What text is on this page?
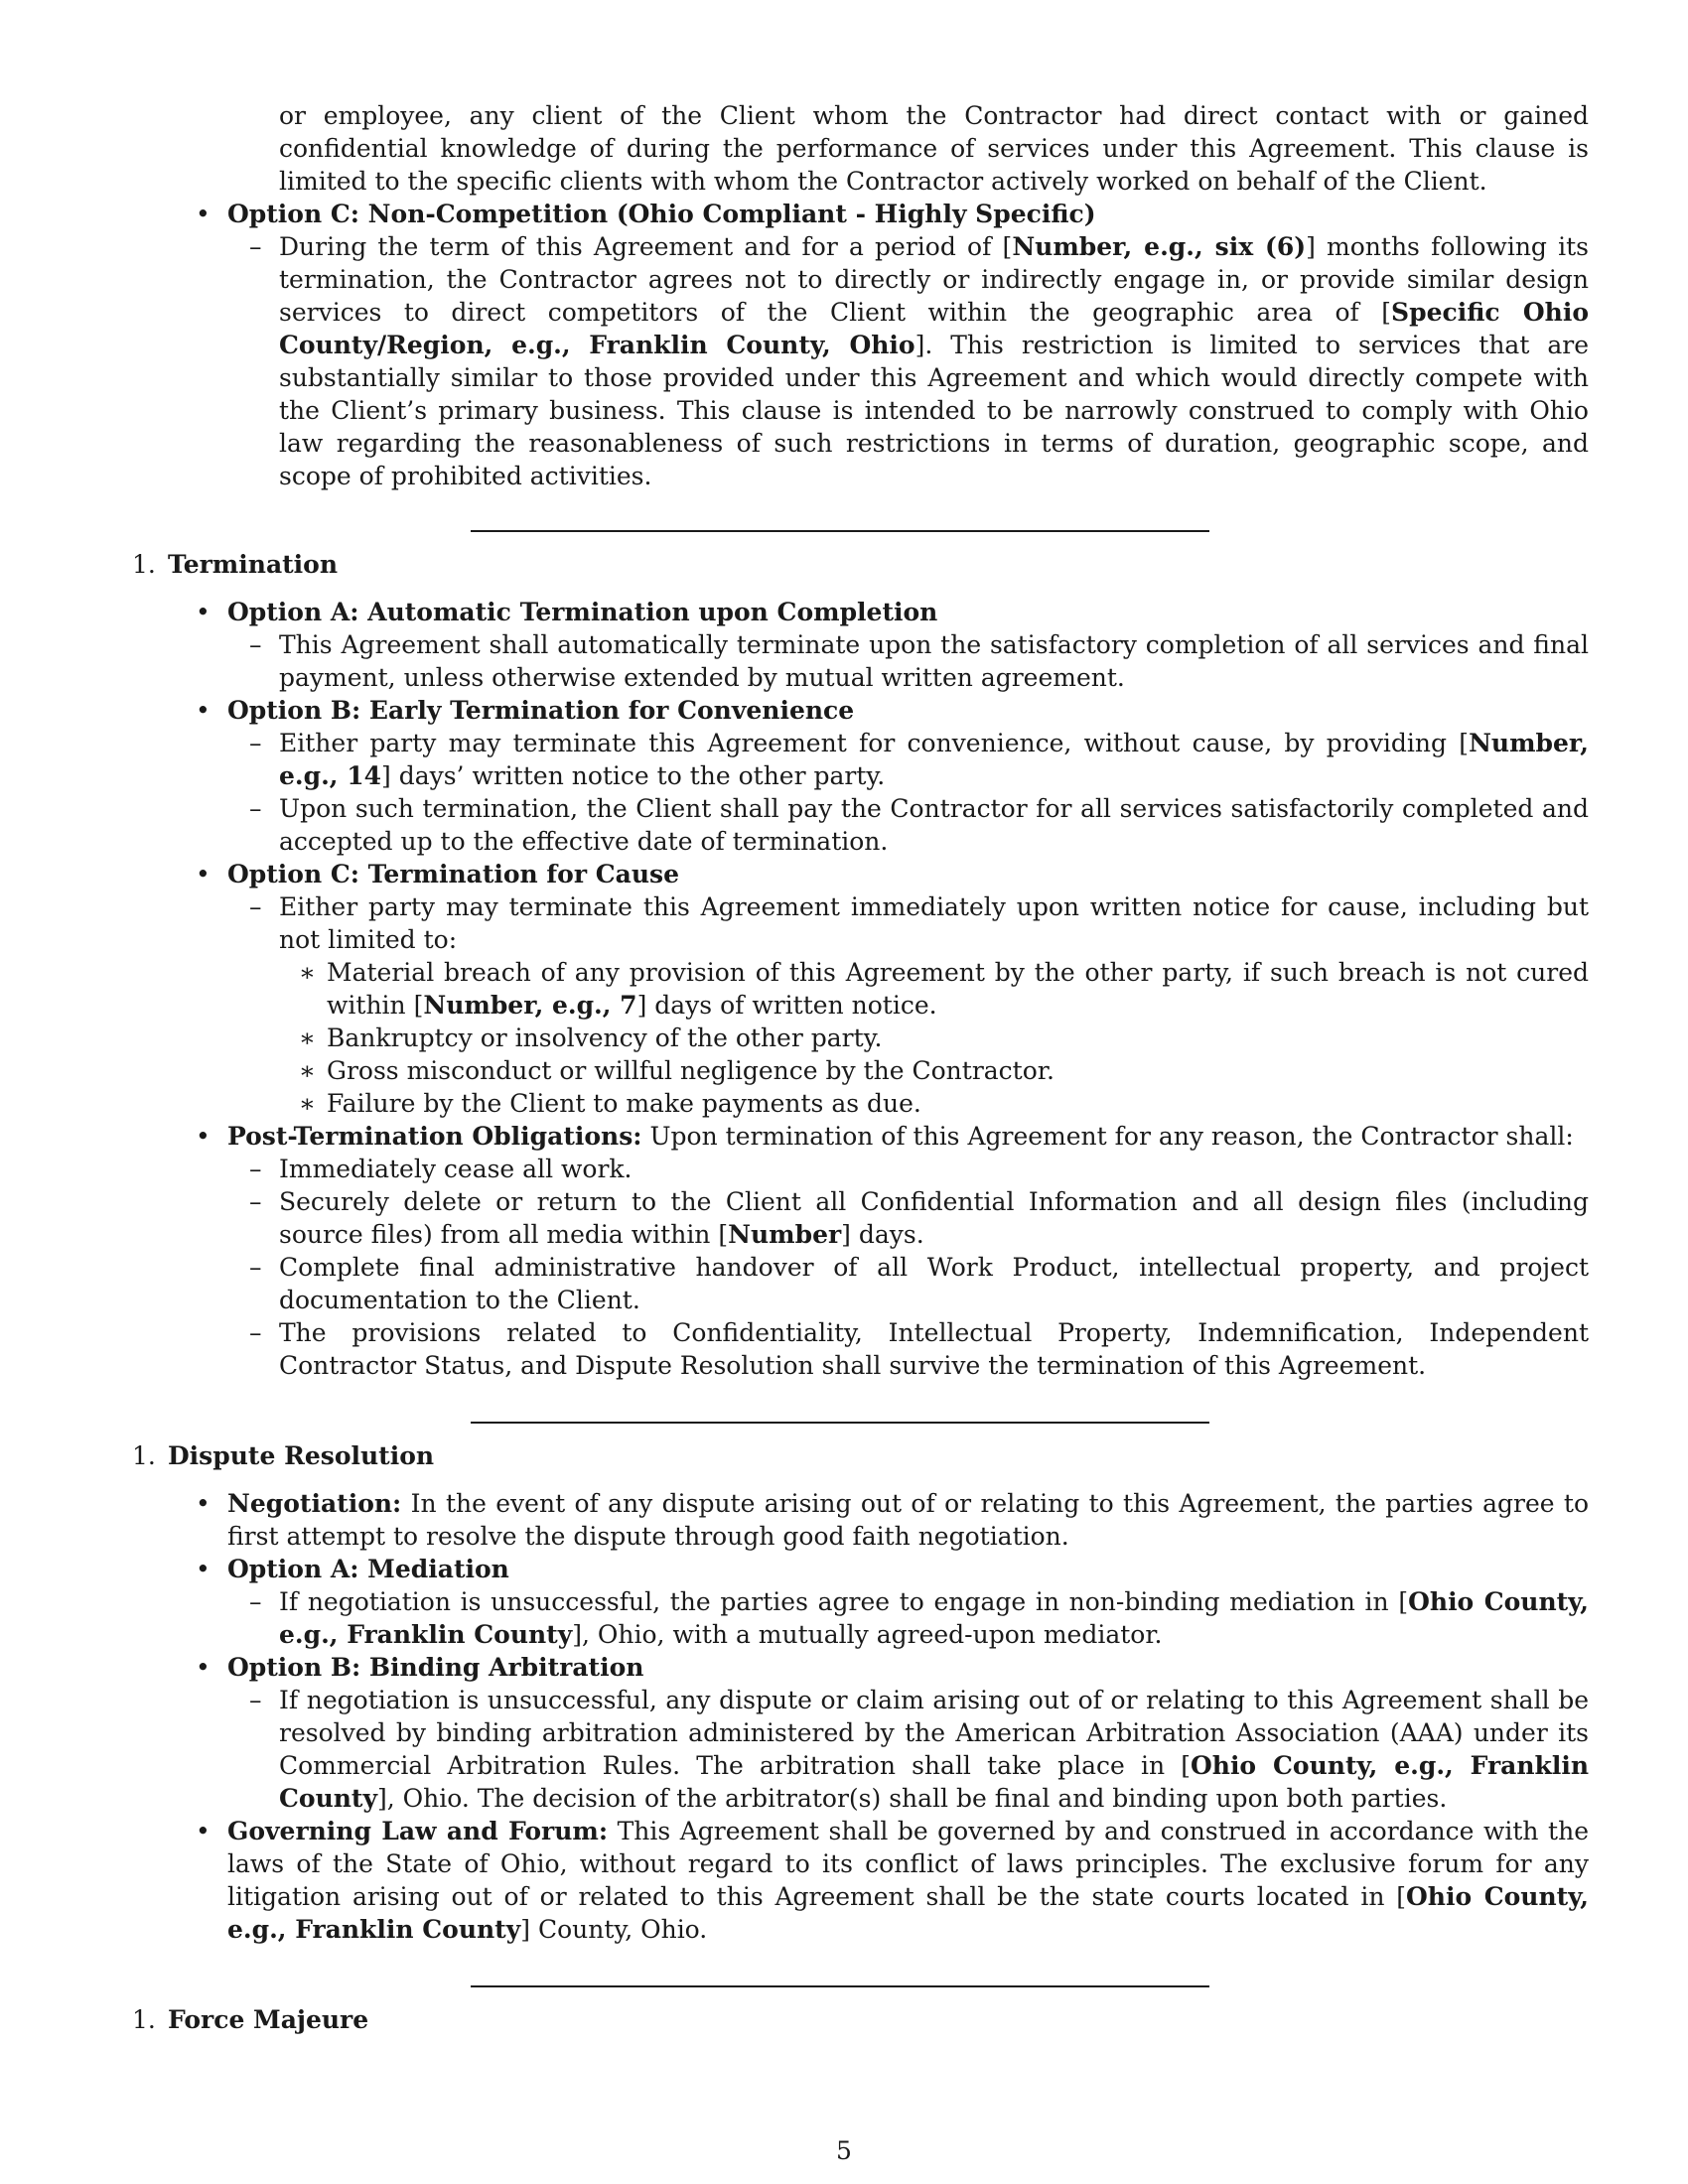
or employee, any client of the Client whom the Contractor had direct contact with or gained confidential knowledge of during the performance of services under this Agreement. This clause is limited to the specific clients with whom the Contractor actively worked on behalf of the Client.

• Option C: Non-Competition (Ohio Compliant - Highly Specific)
– During the term of this Agreement and for a period of [Number, e.g., six (6)] months following its termination, the Contractor agrees not to directly or indirectly engage in, or provide similar design services to direct competitors of the Client within the geographic area of [Specific Ohio County/Region, e.g., Franklin County, Ohio]. This restriction is limited to services that are substantially similar to those provided under this Agreement and which would directly compete with the Client’s primary business. This clause is intended to be narrowly construed to comply with Ohio law regarding the reasonableness of such restrictions in terms of duration, geographic scope, and scope of prohibited activities.
1. Termination
• Option A: Automatic Termination upon Completion
– This Agreement shall automatically terminate upon the satisfactory completion of all services and final payment, unless otherwise extended by mutual written agreement.
• Option B: Early Termination for Convenience
– Either party may terminate this Agreement for convenience, without cause, by providing [Number, e.g., 14] days’ written notice to the other party.
– Upon such termination, the Client shall pay the Contractor for all services satisfactorily completed and accepted up to the effective date of termination.
• Option C: Termination for Cause
– Either party may terminate this Agreement immediately upon written notice for cause, including but not limited to:
∗ Material breach of any provision of this Agreement by the other party, if such breach is not cured within [Number, e.g., 7] days of written notice.
∗ Bankruptcy or insolvency of the other party.
∗ Gross misconduct or willful negligence by the Contractor.
∗ Failure by the Client to make payments as due.
• Post-Termination Obligations: Upon termination of this Agreement for any reason, the Contractor shall:
– Immediately cease all work.
– Securely delete or return to the Client all Confidential Information and all design files (including source files) from all media within [Number] days.
– Complete final administrative handover of all Work Product, intellectual property, and project documentation to the Client.
– The provisions related to Confidentiality, Intellectual Property, Indemnification, Independent Contractor Status, and Dispute Resolution shall survive the termination of this Agreement.
1. Dispute Resolution
• Negotiation: In the event of any dispute arising out of or relating to this Agreement, the parties agree to first attempt to resolve the dispute through good faith negotiation.
• Option A: Mediation
– If negotiation is unsuccessful, the parties agree to engage in non-binding mediation in [Ohio County, e.g., Franklin County], Ohio, with a mutually agreed-upon mediator.
• Option B: Binding Arbitration
– If negotiation is unsuccessful, any dispute or claim arising out of or relating to this Agreement shall be resolved by binding arbitration administered by the American Arbitration Association (AAA) under its Commercial Arbitration Rules. The arbitration shall take place in [Ohio County, e.g., Franklin County], Ohio. The decision of the arbitrator(s) shall be final and binding upon both parties.
• Governing Law and Forum: This Agreement shall be governed by and construed in accordance with the laws of the State of Ohio, without regard to its conflict of laws principles. The exclusive forum for any litigation arising out of or related to this Agreement shall be the state courts located in [Ohio County, e.g., Franklin County] County, Ohio.
1. Force Majeure
5
